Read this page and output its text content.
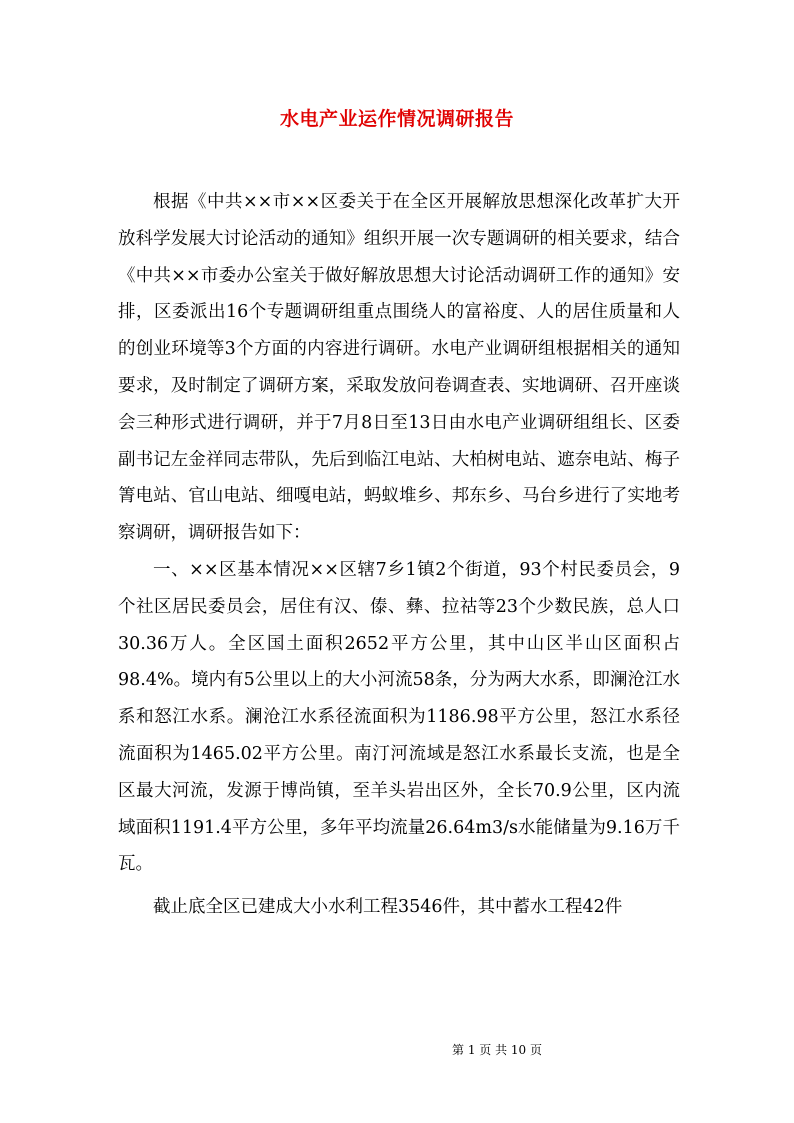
水电产业运作情况调研报告

根据《中共××市××区委关于在全区开展解放思想深化改革扩大开放科学发展大讨论活动的通知》组织开展一次专题调研的相关要求，结合《中共××市委办公室关于做好解放思想大讨论活动调研工作的通知》安排，区委派出16个专题调研组重点围绕人的富裕度、人的居住质量和人的创业环境等3个方面的内容进行调研。水电产业调研组根据相关的通知要求，及时制定了调研方案，采取发放问卷调查表、实地调研、召开座谈会三种形式进行调研，并于7月8日至13日由水电产业调研组组长、区委副书记左金祥同志带队，先后到临江电站、大柏树电站、遮奈电站、梅子箐电站、官山电站、细嘎电站，蚂蚁堆乡、邦东乡、马台乡进行了实地考察调研，调研报告如下：

一、××区基本情况××区辖7乡1镇2个街道，93个村民委员会，9个社区居民委员会，居住有汉、傣、彝、拉祜等23个少数民族，总人口30.36万人。全区国土面积2652平方公里，其中山区半山区面积占98.4%。境内有5公里以上的大小河流58条，分为两大水系，即澜沧江水系和怒江水系。澜沧江水系径流面积为1186.98平方公里，怒江水系径流面积为1465.02平方公里。南汀河流域是怒江水系最长支流，也是全区最大河流，发源于博尚镇，至羊头岩出区外，全长70.9公里，区内流域面积1191.4平方公里，多年平均流量26.64m3/s水能储量为9.16万千瓦。

截止底全区已建成大小水利工程3546件，其中蓄水工程42件

第 1 页 共 10 页
